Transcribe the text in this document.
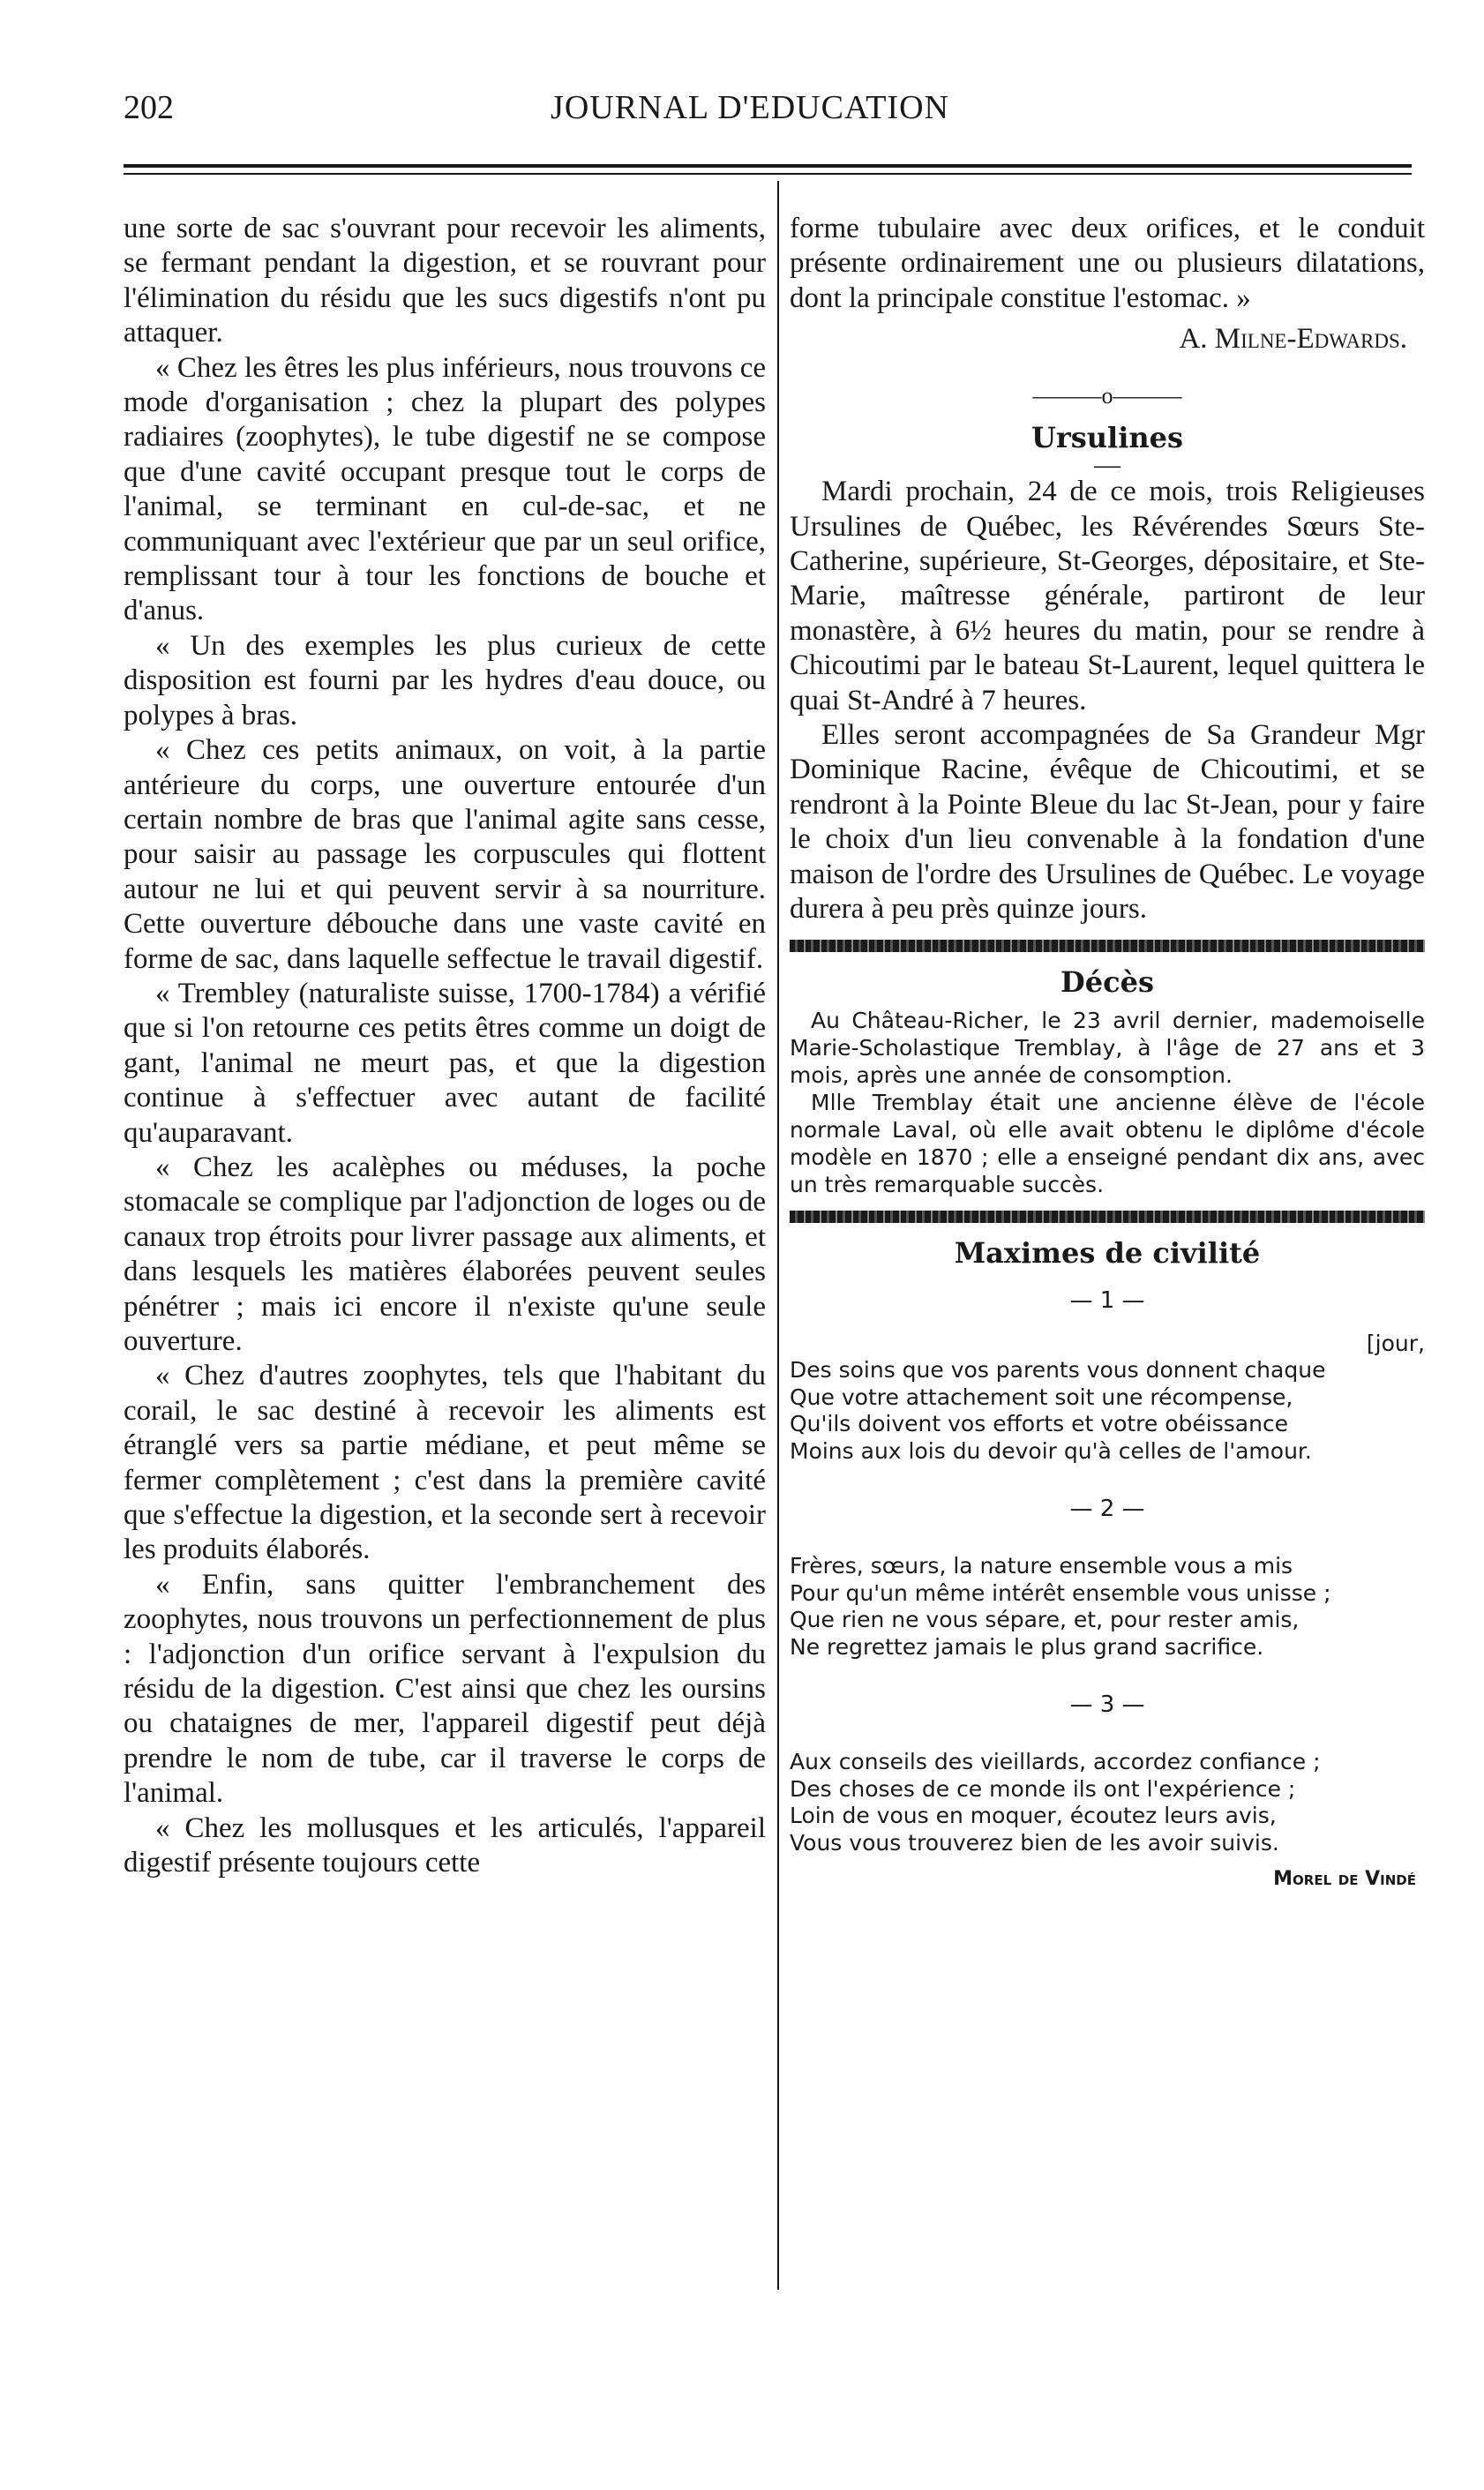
202	JOURNAL D'EDUCATION

une sorte de sac s'ouvrant pour recevoir les aliments, se fermant pendant la digestion, et se rouvrant pour l'élimination du résidu que les sucs digestifs n'ont pu attaquer.

« Chez les êtres les plus inférieurs, nous trouvons ce mode d'organisation ; chez la plupart des polypes radiaires (zoophytes), le tube digestif ne se compose que d'une cavité occupant presque tout le corps de l'animal, se terminant en cul-de-sac, et ne communiquant avec l'extérieur que par un seul orifice, remplissant tour à tour les fonctions de bouche et d'anus.

« Un des exemples les plus curieux de cette disposition est fourni par les hydres d'eau douce, ou polypes à bras.

« Chez ces petits animaux, on voit, à la partie antérieure du corps, une ouverture entourée d'un certain nombre de bras que l'animal agite sans cesse, pour saisir au passage les corpuscules qui flottent autour ne lui et qui peuvent servir à sa nourriture. Cette ouverture débouche dans une vaste cavité en forme de sac, dans laquelle seffectue le travail digestif.

« Trembley (naturaliste suisse, 1700-1784) a vérifié que si l'on retourne ces petits êtres comme un doigt de gant, l'animal ne meurt pas, et que la digestion continue à s'effectuer avec autant de facilité qu'auparavant.

« Chez les acalèphes ou méduses, la poche stomacale se complique par l'adjonction de loges ou de canaux trop étroits pour livrer passage aux aliments, et dans lesquels les matières élaborées peuvent seules pénétrer ; mais ici encore il n'existe qu'une seule ouverture.

« Chez d'autres zoophytes, tels que l'habitant du corail, le sac destiné à recevoir les aliments est étranglé vers sa partie médiane, et peut même se fermer complètement ; c'est dans la première cavité que s'effectue la digestion, et la seconde sert à recevoir les produits élaborés.

« Enfin, sans quitter l'embranchement des zoophytes, nous trouvons un perfectionnement de plus : l'adjonction d'un orifice servant à l'expulsion du résidu de la digestion. C'est ainsi que chez les oursins ou chataignes de mer, l'appareil digestif peut déjà prendre le nom de tube, car il traverse le corps de l'animal.

« Chez les mollusques et les articulés, l'appareil digestif présente toujours cette

forme tubulaire avec deux orifices, et le conduit présente ordinairement une ou plusieurs dilatations, dont la principale constitue l'estomac. »

A. Milne-Edwards.

———o———
Ursulines
—

Mardi prochain, 24 de ce mois, trois Religieuses Ursulines de Québec, les Révérendes Sœurs Ste-Catherine, supérieure, St-Georges, dépositaire, et Ste-Marie, maîtresse générale, partiront de leur monastère, à 6½ heures du matin, pour se rendre à Chicoutimi par le bateau St-Laurent, lequel quittera le quai St-André à 7 heures.

Elles seront accompagnées de Sa Grandeur Mgr Dominique Racine, évêque de Chicoutimi, et se rendront à la Pointe Bleue du lac St-Jean, pour y faire le choix d'un lieu convenable à la fondation d'une maison de l'ordre des Ursulines de Québec. Le voyage durera à peu près quinze jours.

Décès

Au Château-Richer, le 23 avril dernier, mademoiselle Marie-Scholastique Tremblay, à l'âge de 27 ans et 3 mois, après une année de consomption.

Mlle Tremblay était une ancienne élève de l'école normale Laval, où elle avait obtenu le diplôme d'école modèle en 1870 ; elle a enseigné pendant dix ans, avec un très remarquable succès.

Maximes de civilité
— 1 —

[jour,

Des soins que vos parents vous donnent chaque

Que votre attachement soit une récompense,

Qu'ils doivent vos efforts et votre obéissance

Moins aux lois du devoir qu'à celles de l'amour.

— 2 —

Frères, sœurs, la nature ensemble vous a mis

Pour qu'un même intérêt ensemble vous unisse ;

Que rien ne vous sépare, et, pour rester amis,

Ne regrettez jamais le plus grand sacrifice.

— 3 —

Aux conseils des vieillards, accordez confiance ;

Des choses de ce monde ils ont l'expérience ;

Loin de vous en moquer, écoutez leurs avis,

Vous vous trouverez bien de les avoir suivis.

Morel de Vindé
